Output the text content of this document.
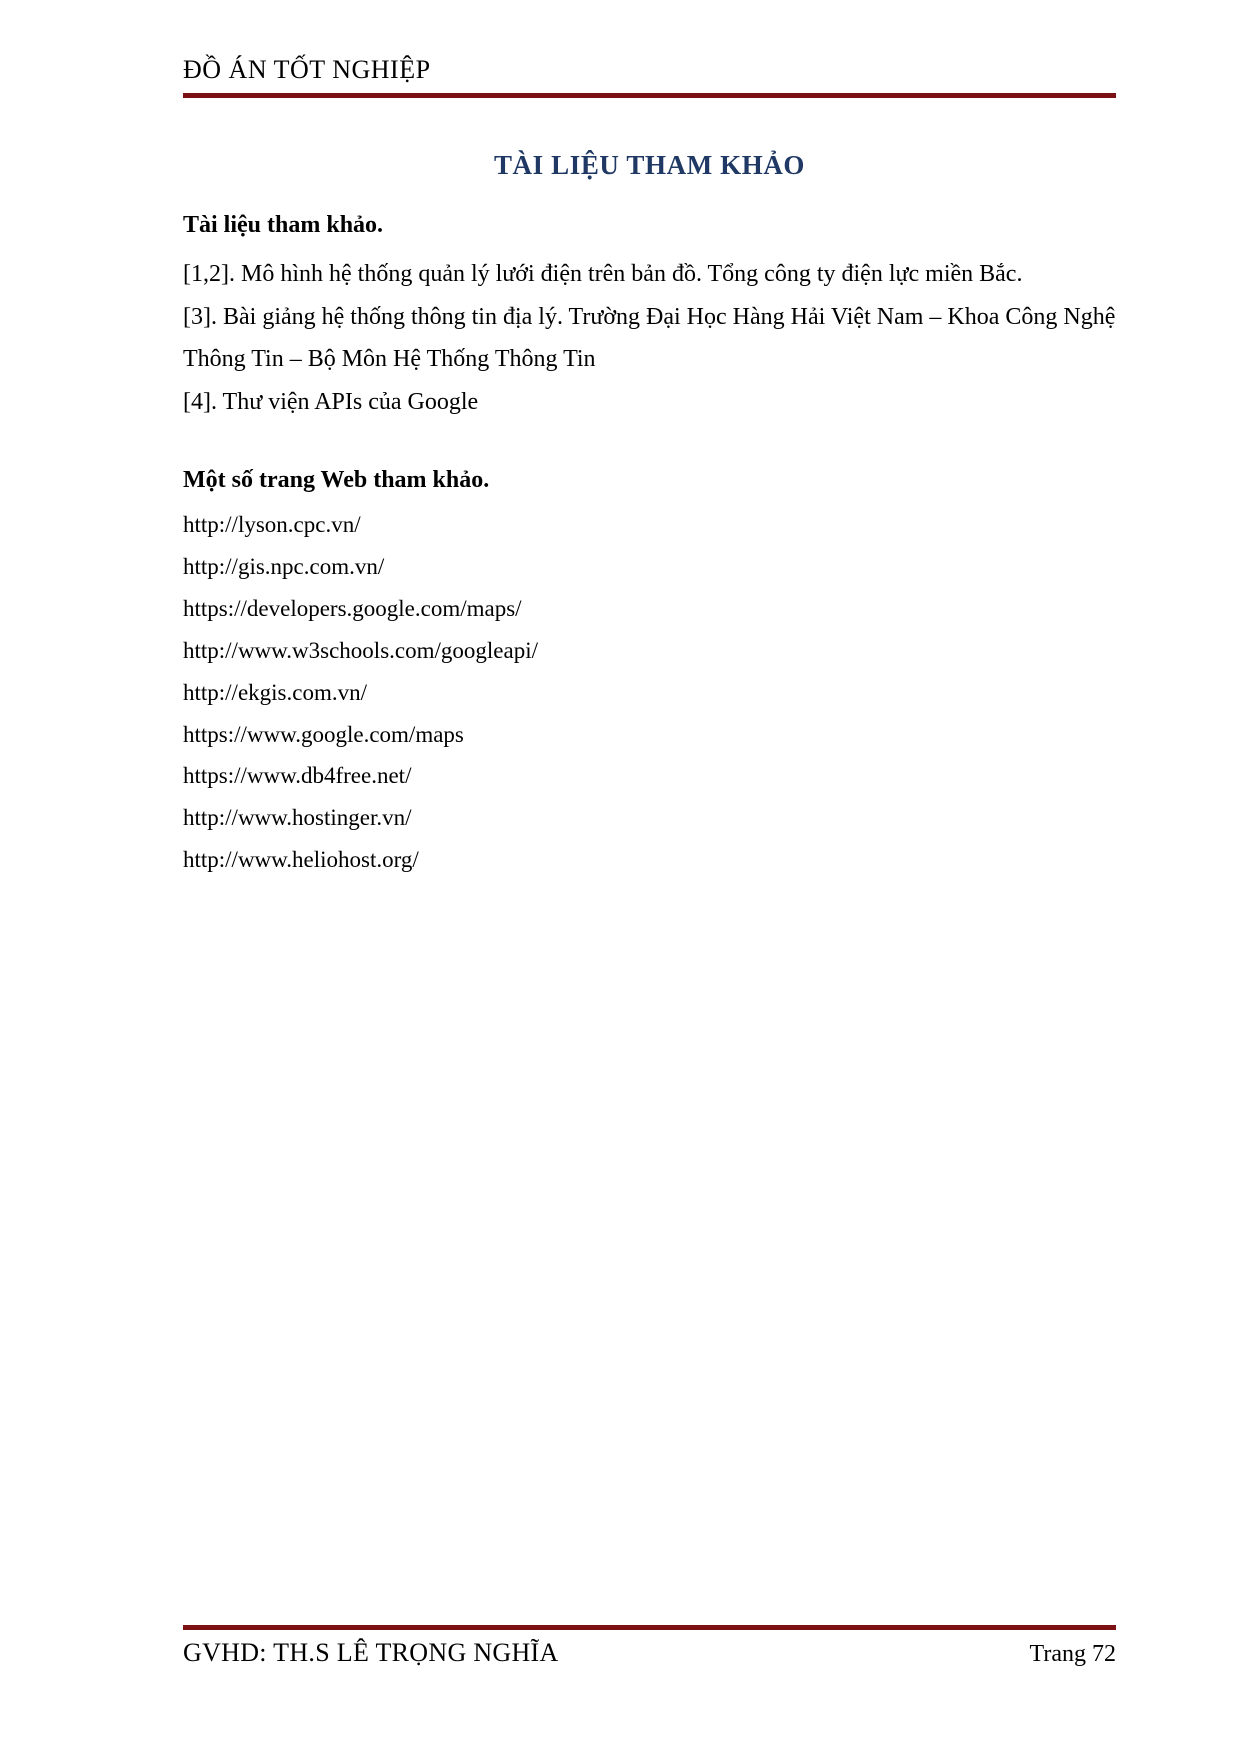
ĐỒ ÁN TỐT NGHIỆP
TÀI LIỆU THAM KHẢO
Tài liệu tham khảo.

[1,2]. Mô hình hệ thống quản lý lưới điện trên bản đồ. Tổng công ty điện lực miền Bắc.

[3]. Bài giảng hệ thống thông tin địa lý. Trường Đại Học Hàng Hải Việt Nam – Khoa Công Nghệ Thông Tin – Bộ Môn Hệ Thống Thông Tin

[4]. Thư viện APIs của Google

Một số trang Web tham khảo.
http://lyson.cpc.vn/
http://gis.npc.com.vn/
https://developers.google.com/maps/
http://www.w3schools.com/googleapi/
http://ekgis.com.vn/
https://www.google.com/maps
https://www.db4free.net/
http://www.hostinger.vn/
http://www.heliohost.org/
GVHD: TH.S LÊ TRỌNG NGHĨA	Trang 72
